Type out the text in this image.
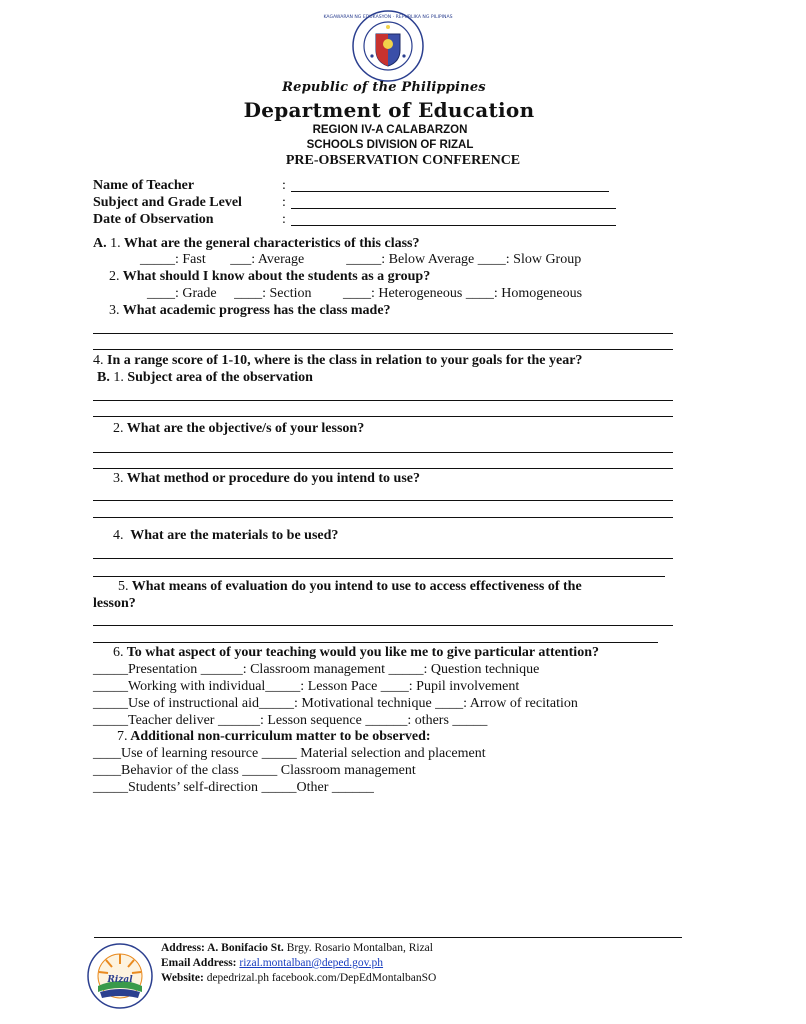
KAGAWARAN NG EDUKASYON · REPUBLIKA NG PILIPINAS
Republic of the Philippines
Department of Education
REGION IV-A CALABARZON
SCHOOLS DIVISION OF RIZAL
PRE-OBSERVATION CONFERENCE
Name of Teacher	:
Subject and Grade Level	:
Date of Observation	:
A. 1. What are the general characteristics of this class?
_____: Fast       ___: Average            _____: Below Average ____: Slow Group
2. What should I know about the students as a group?
____: Grade     ____: Section         ____: Heterogeneous ____: Homogeneous
3. What academic progress has the class made?
4. In a range score of 1-10, where is the class in relation to your goals for the year?
B. 1. Subject area of the observation
2. What are the objective/s of your lesson?
3. What method or procedure do you intend to use?
4.  What are the materials to be used?
5. What means of evaluation do you intend to use to access effectiveness of the
lesson?
6. To what aspect of your teaching would you like me to give particular attention?
_____Presentation ______: Classroom management _____: Question technique
_____Working with individual_____: Lesson Pace ____: Pupil involvement
_____Use of instructional aid_____: Motivational technique ____: Arrow of recitation
_____Teacher deliver ______: Lesson sequence ______: others _____
7. Additional non-curriculum matter to be observed:
____Use of learning resource _____ Material selection and placement
____Behavior of the class _____ Classroom management
_____Students’ self-direction _____Other ______
Rizal
Address: A. Bonifacio St. Brgy. Rosario Montalban, Rizal
Email Address: rizal.montalban@deped.gov.ph
Website: depedrizal.ph facebook.com/DepEdMontalbanSO
